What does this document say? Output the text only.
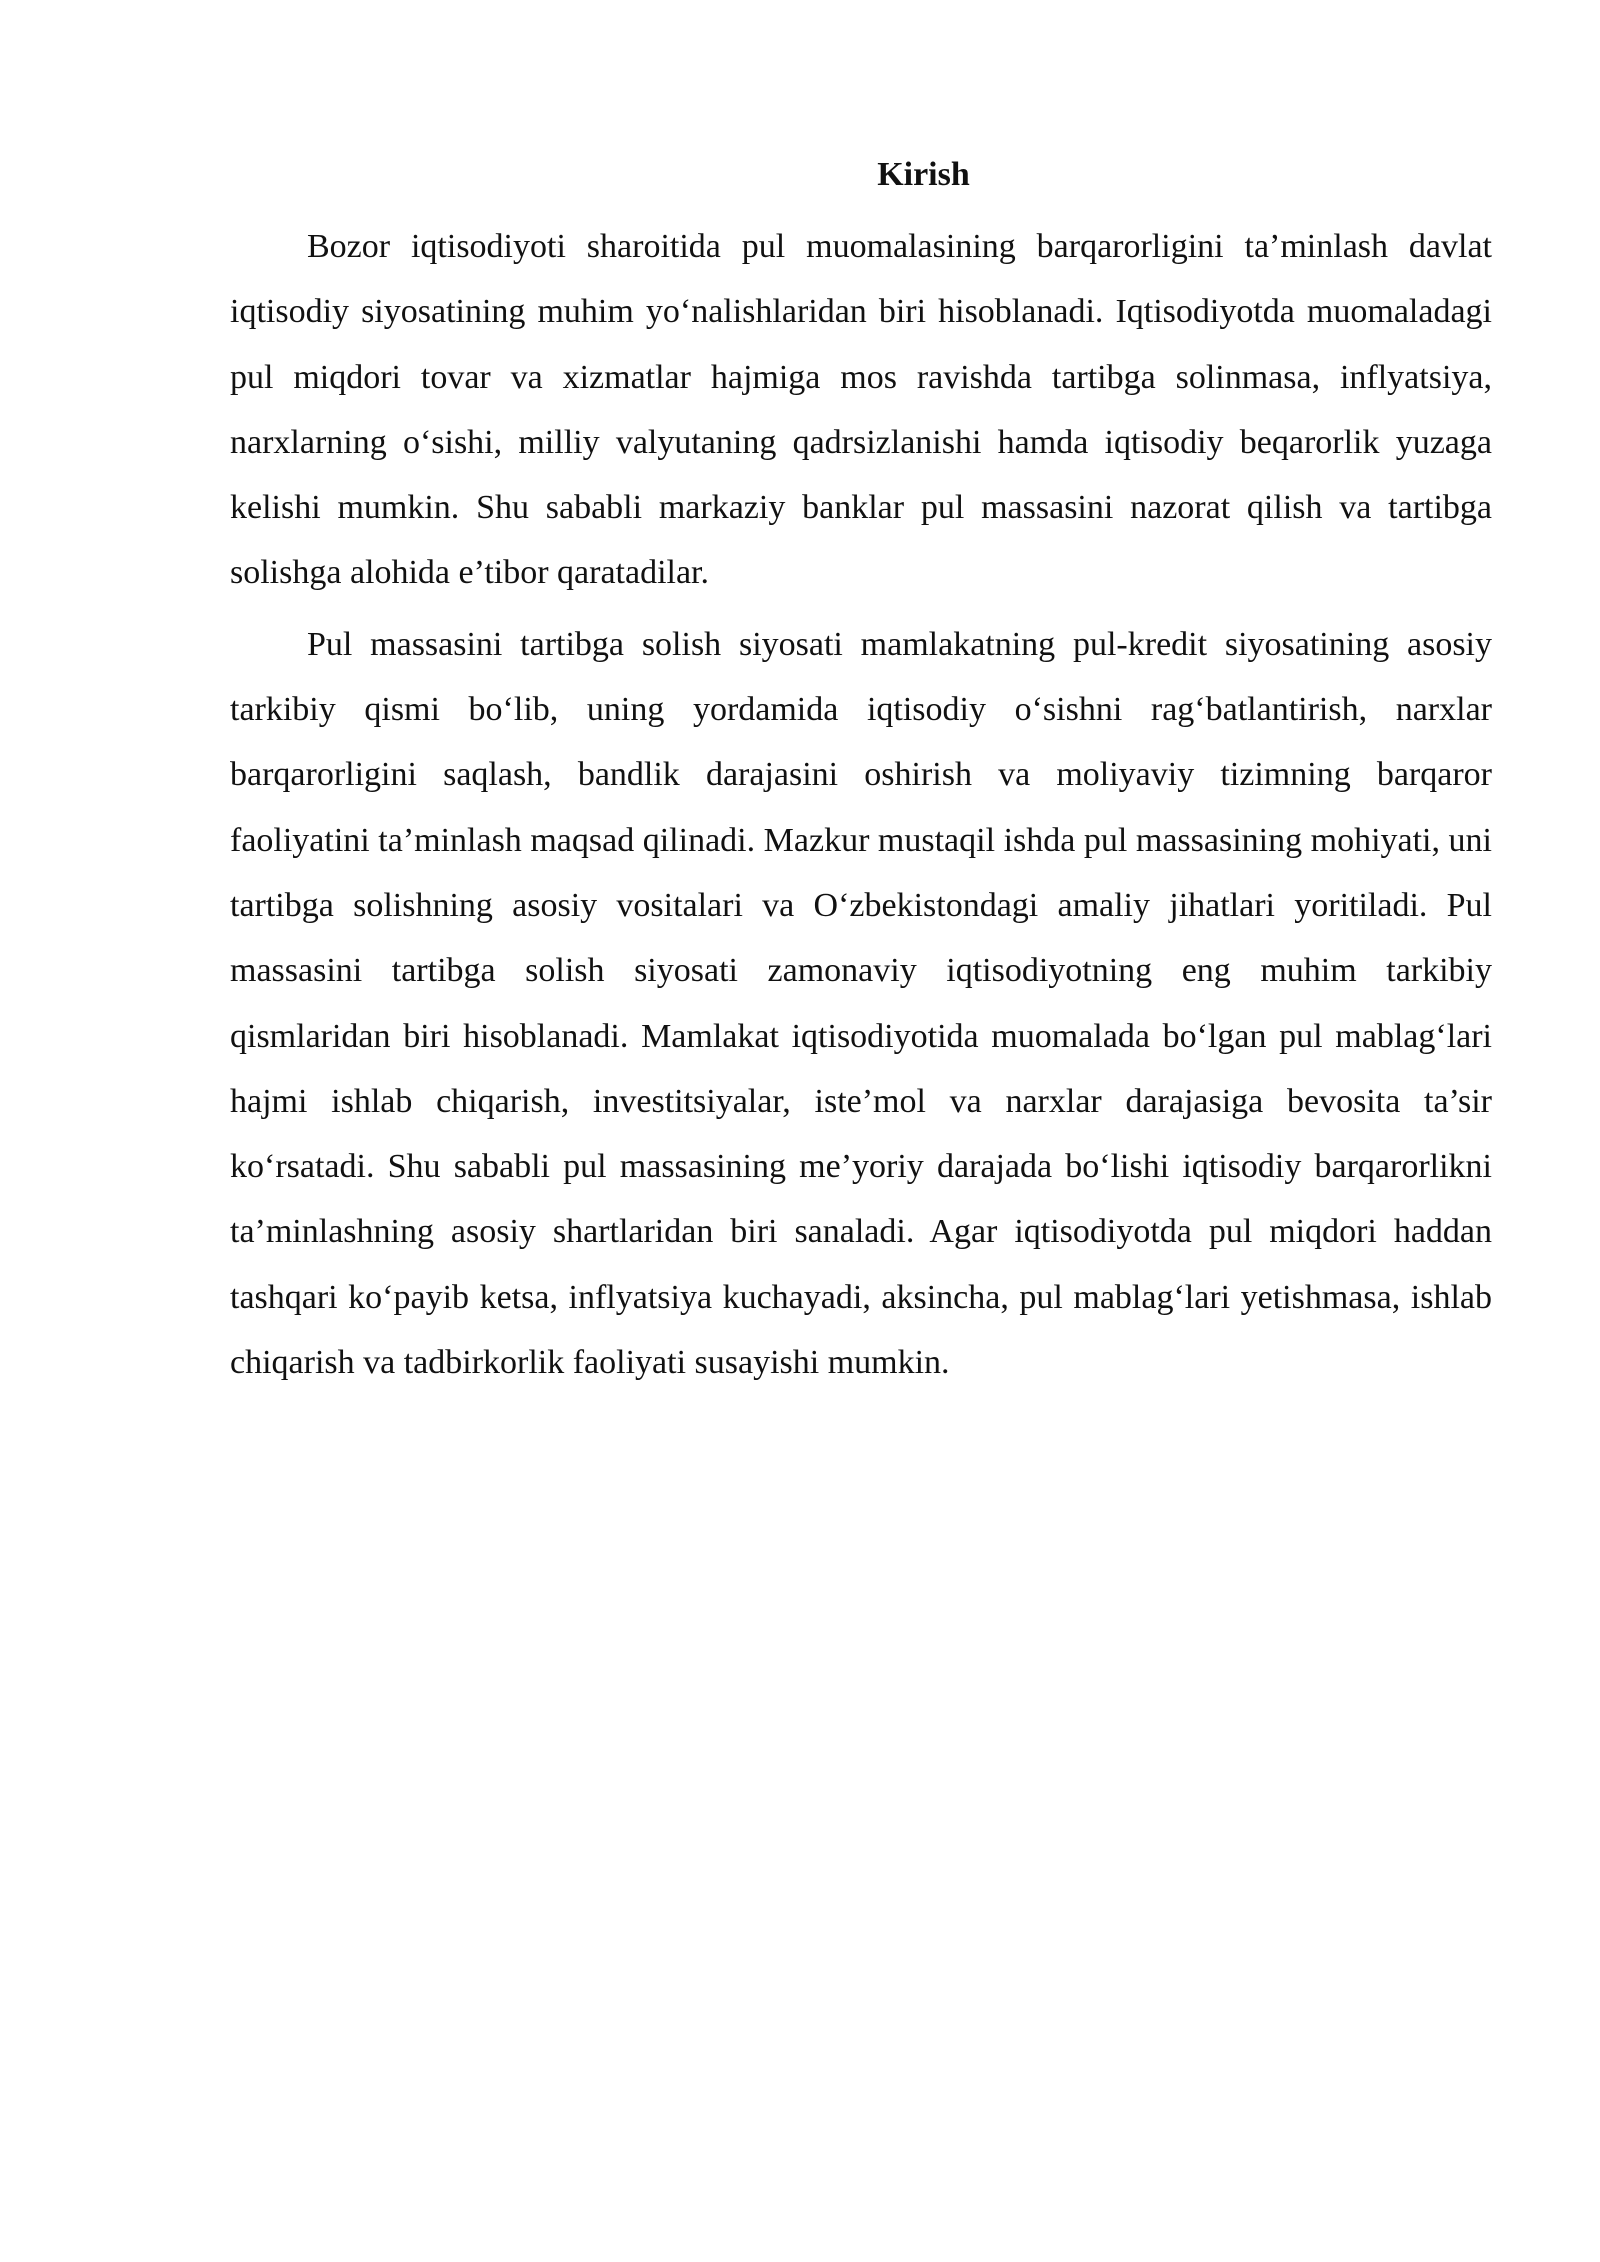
Kirish

Bozor iqtisodiyoti sharoitida pul muomalasining barqarorligini ta’minlash davlat iqtisodiy siyosatining muhim yo‘nalishlaridan biri hisoblanadi. Iqtisodiyotda muomaladagi pul miqdori tovar va xizmatlar hajmiga mos ravishda tartibga solinmasa, inflyatsiya, narxlarning o‘sishi, milliy valyutaning qadrsizlanishi hamda iqtisodiy beqarorlik yuzaga kelishi mumkin. Shu sababli markaziy banklar pul massasini nazorat qilish va tartibga solishga alohida e’tibor qaratadilar.

Pul massasini tartibga solish siyosati mamlakatning pul-kredit siyosatining asosiy tarkibiy qismi bo‘lib, uning yordamida iqtisodiy o‘sishni rag‘batlantirish, narxlar barqarorligini saqlash, bandlik darajasini oshirish va moliyaviy tizimning barqaror faoliyatini ta’minlash maqsad qilinadi. Mazkur mustaqil ishda pul massasining mohiyati, uni tartibga solishning asosiy vositalari va O‘zbekistondagi amaliy jihatlari yoritiladi. Pul massasini tartibga solish siyosati zamonaviy iqtisodiyotning eng muhim tarkibiy qismlaridan biri hisoblanadi. Mamlakat iqtisodiyotida muomalada bo‘lgan pul mablag‘lari hajmi ishlab chiqarish, investitsiyalar, iste’mol va narxlar darajasiga bevosita ta’sir ko‘rsatadi. Shu sababli pul massasining me’yoriy darajada bo‘lishi iqtisodiy barqarorlikni ta’minlashning asosiy shartlaridan biri sanaladi. Agar iqtisodiyotda pul miqdori haddan tashqari ko‘payib ketsa, inflyatsiya kuchayadi, aksincha, pul mablag‘lari yetishmasa, ishlab chiqarish va tadbirkorlik faoliyati susayishi mumkin.
